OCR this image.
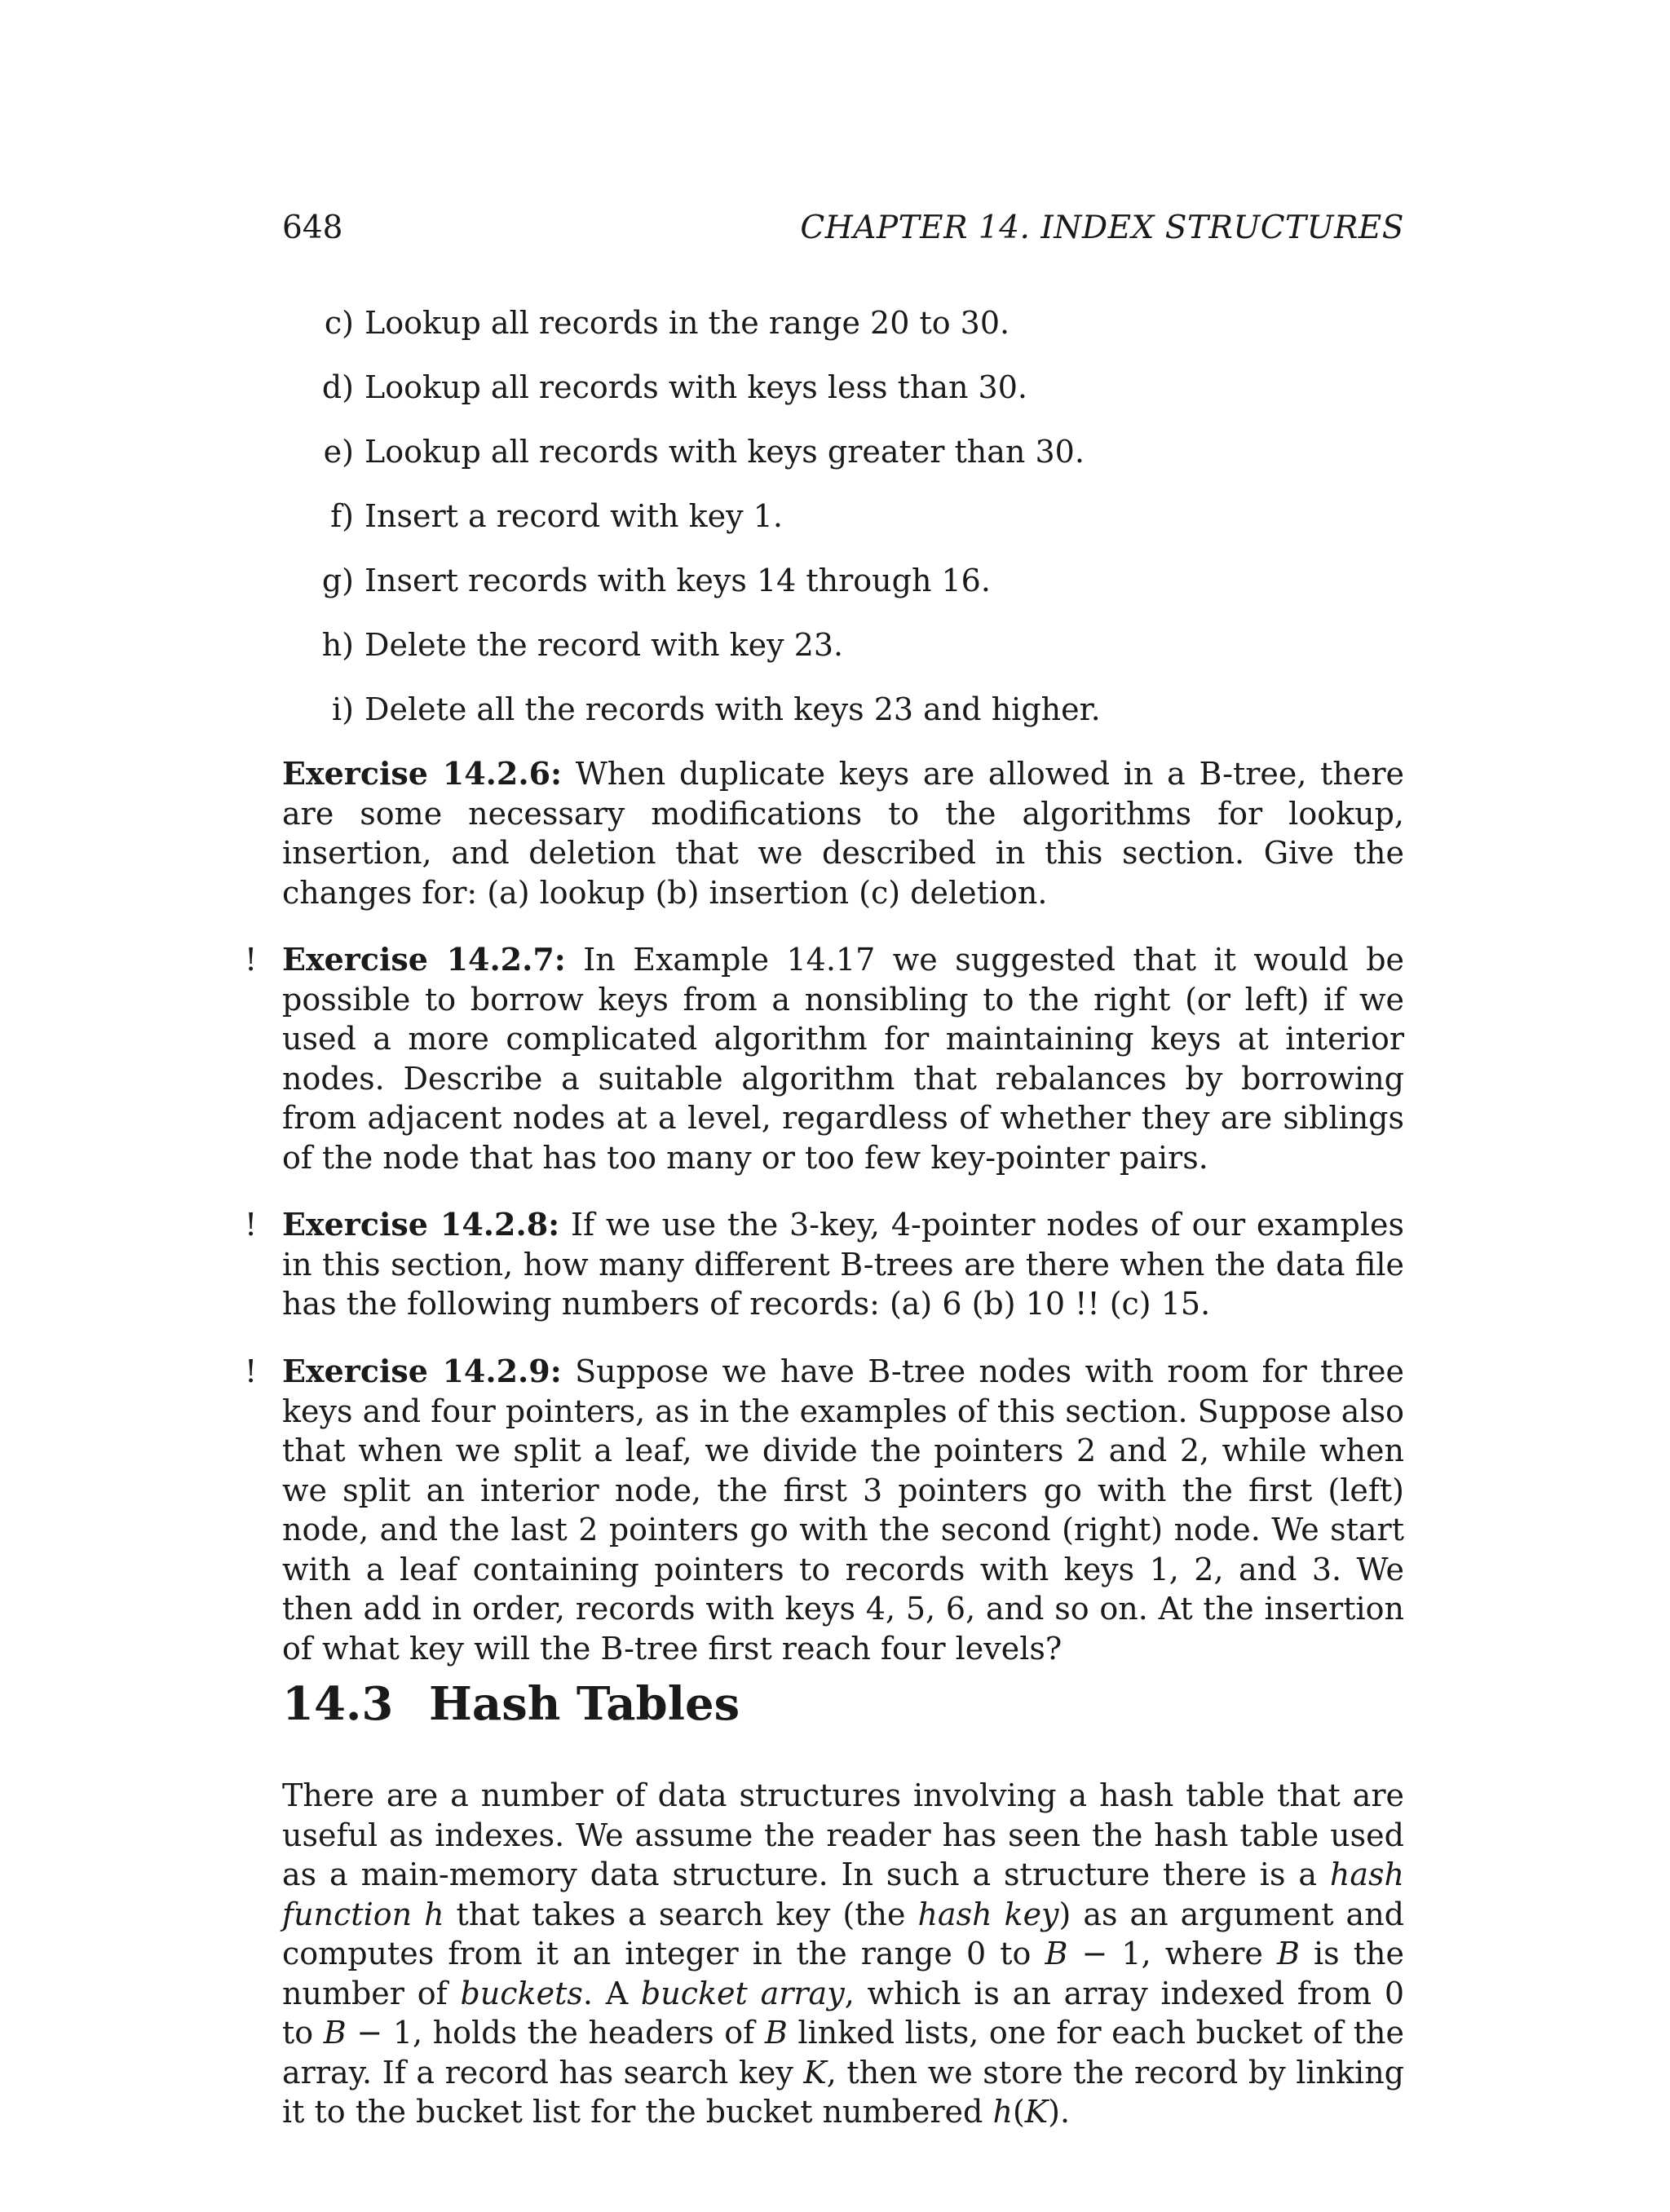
648	CHAPTER 14. INDEX STRUCTURES
c) Lookup all records in the range 20 to 30.
d) Lookup all records with keys less than 30.
e) Lookup all records with keys greater than 30.
f) Insert a record with key 1.
g) Insert records with keys 14 through 16.
h) Delete the record with key 23.
i) Delete all the records with keys 23 and higher.

Exercise 14.2.6: When duplicate keys are allowed in a B-tree, there are some necessary modifications to the algorithms for lookup, insertion, and deletion that we described in this section. Give the changes for: (a) lookup (b) insertion (c) deletion.

! Exercise 14.2.7: In Example 14.17 we suggested that it would be possible to borrow keys from a nonsibling to the right (or left) if we used a more complicated algorithm for maintaining keys at interior nodes. Describe a suitable algorithm that rebalances by borrowing from adjacent nodes at a level, regardless of whether they are siblings of the node that has too many or too few key-pointer pairs.

! Exercise 14.2.8: If we use the 3-key, 4-pointer nodes of our examples in this section, how many different B-trees are there when the data file has the following numbers of records: (a) 6 (b) 10 !! (c) 15.

! Exercise 14.2.9: Suppose we have B-tree nodes with room for three keys and four pointers, as in the examples of this section. Suppose also that when we split a leaf, we divide the pointers 2 and 2, while when we split an interior node, the first 3 pointers go with the first (left) node, and the last 2 pointers go with the second (right) node. We start with a leaf containing pointers to records with keys 1, 2, and 3. We then add in order, records with keys 4, 5, 6, and so on. At the insertion of what key will the B-tree first reach four levels?

14.3 Hash Tables

There are a number of data structures involving a hash table that are useful as indexes. We assume the reader has seen the hash table used as a main-memory data structure. In such a structure there is a hash function h that takes a search key (the hash key) as an argument and computes from it an integer in the range 0 to B − 1, where B is the number of buckets. A bucket array, which is an array indexed from 0 to B − 1, holds the headers of B linked lists, one for each bucket of the array. If a record has search key K, then we store the record by linking it to the bucket list for the bucket numbered h(K).
